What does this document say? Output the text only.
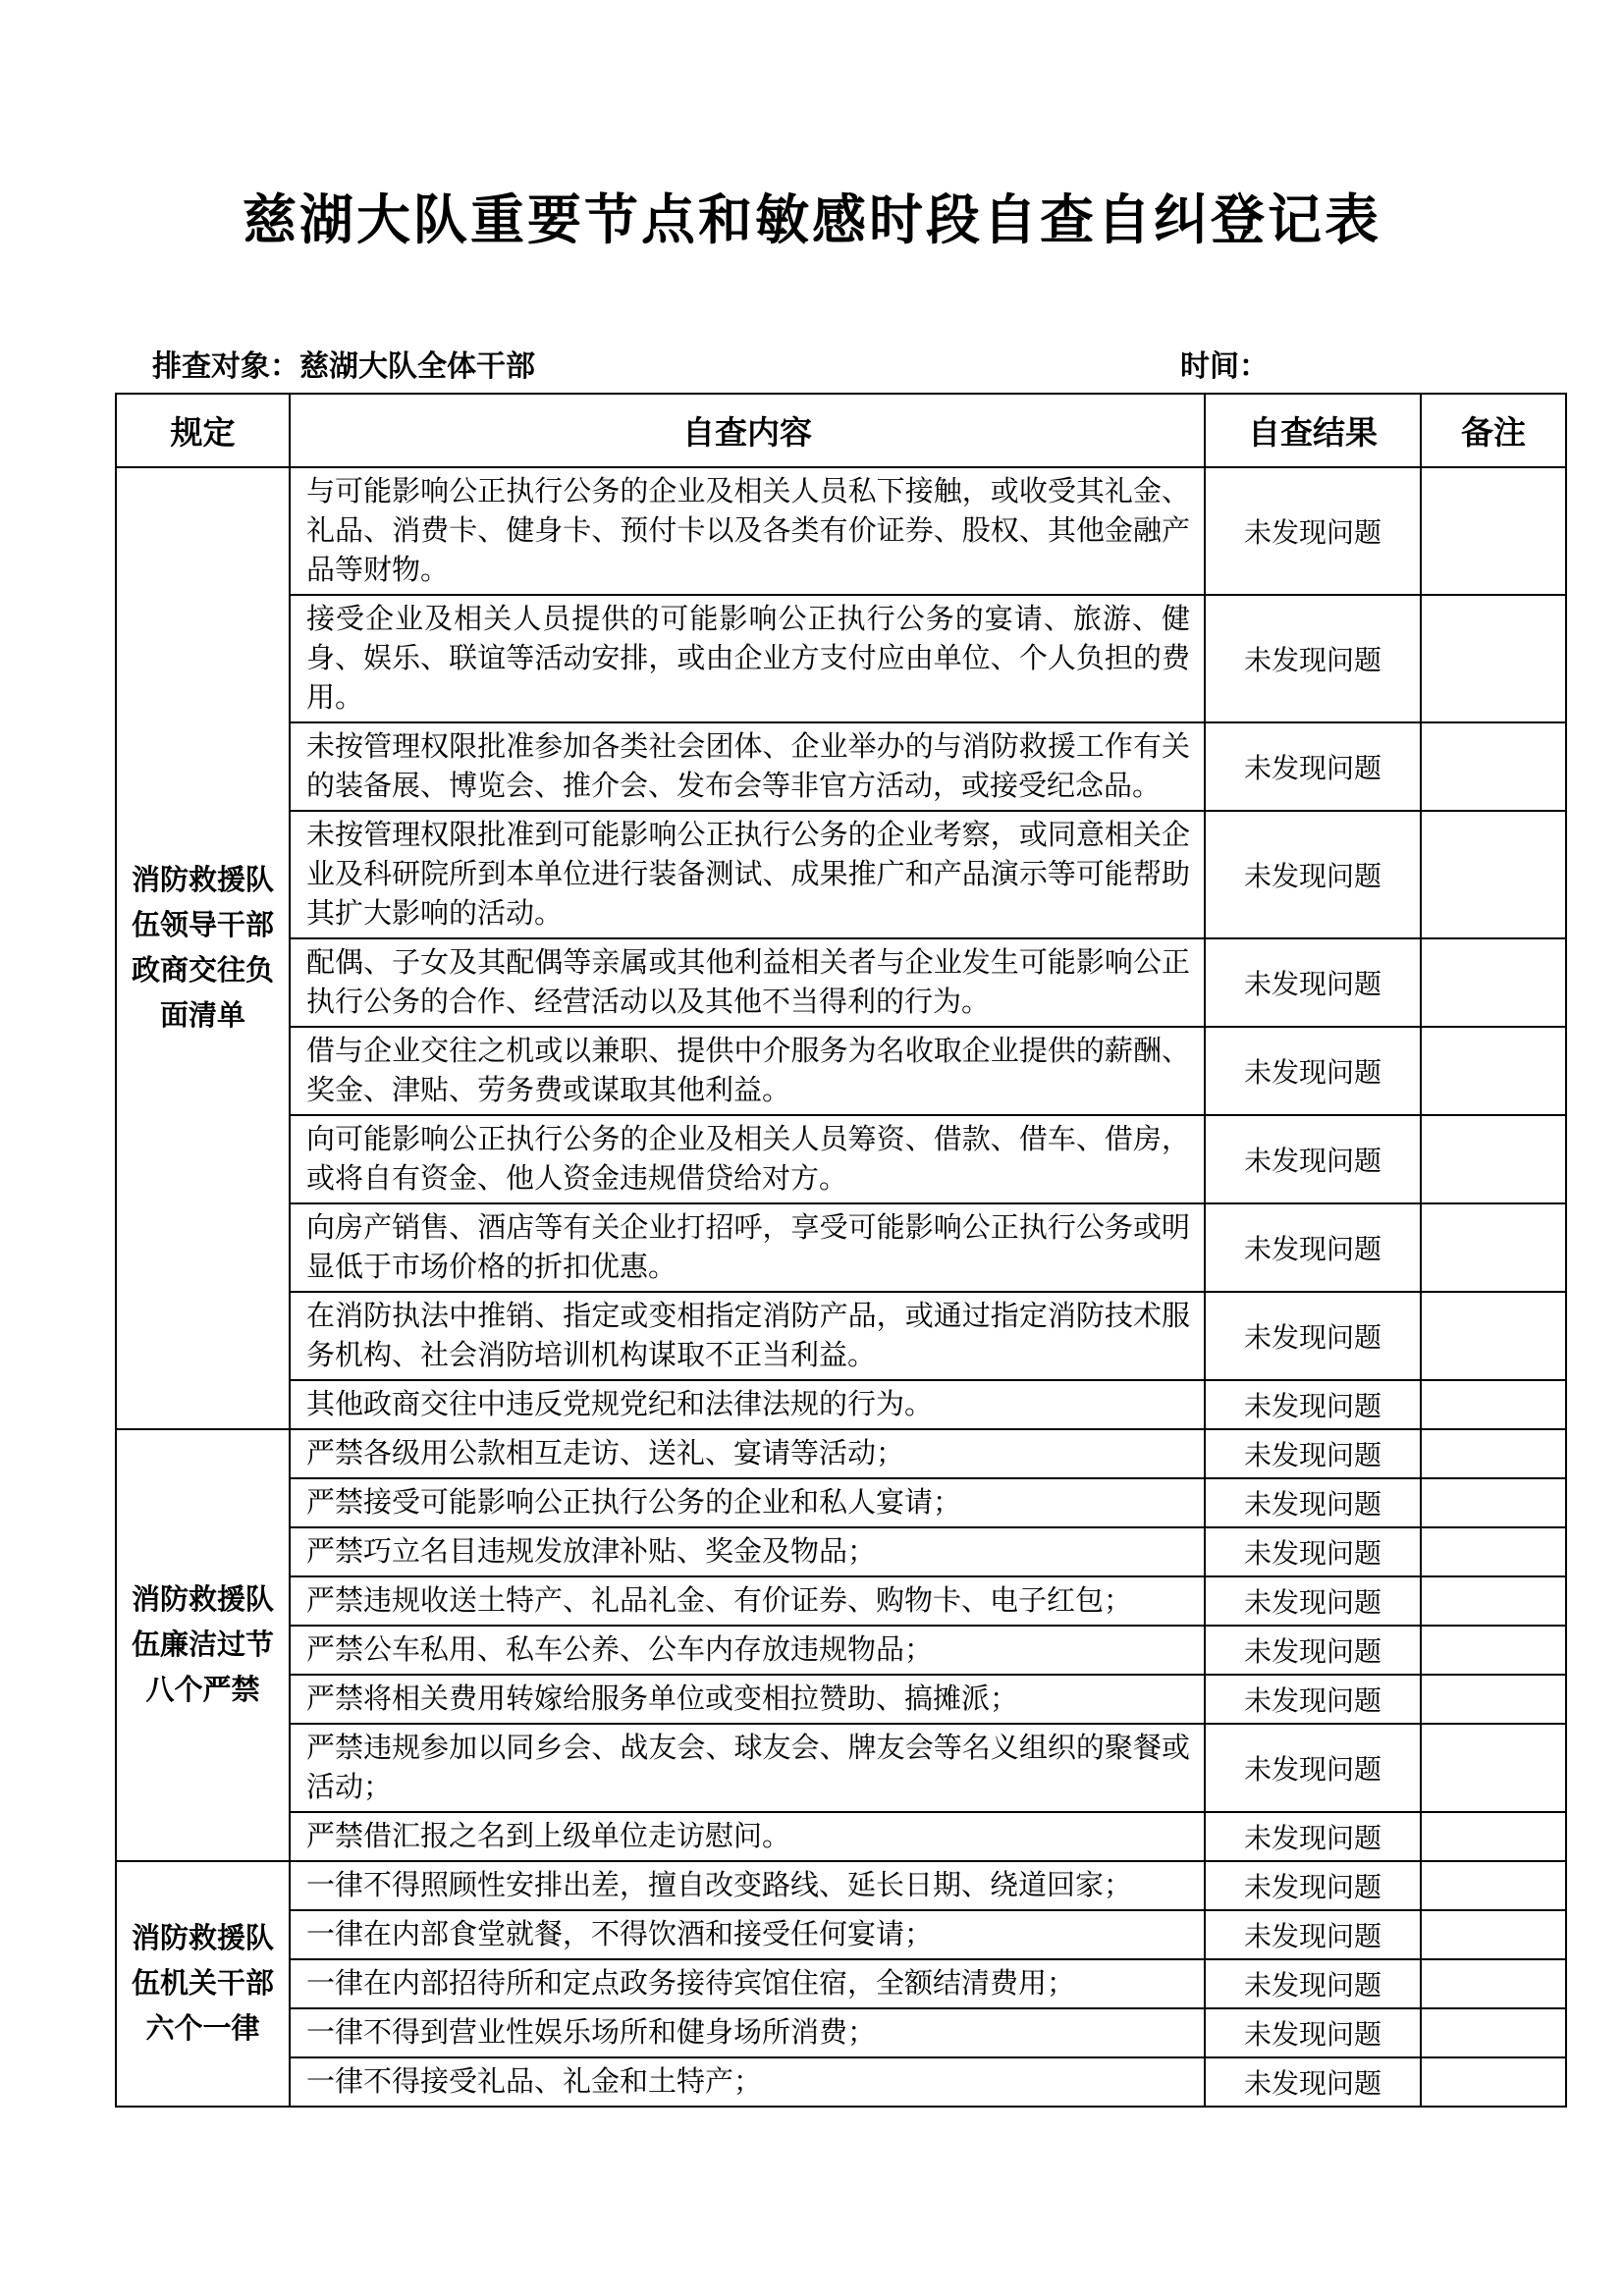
慈湖大队重要节点和敏感时段自查自纠登记表
排查对象：慈湖大队全体干部	时间：
规定	自查内容	自查结果	备注
消防救援队伍领导干部政商交往负面清单	与可能影响公正执行公务的企业及相关人员私下接触，或收受其礼金、礼品、消费卡、健身卡、预付卡以及各类有价证券、股权、其他金融产品等财物。	未发现问题	
	接受企业及相关人员提供的可能影响公正执行公务的宴请、旅游、健身、娱乐、联谊等活动安排，或由企业方支付应由单位、个人负担的费用。	未发现问题	
	未按管理权限批准参加各类社会团体、企业举办的与消防救援工作有关的装备展、博览会、推介会、发布会等非官方活动，或接受纪念品。	未发现问题	
	未按管理权限批准到可能影响公正执行公务的企业考察，或同意相关企业及科研院所到本单位进行装备测试、成果推广和产品演示等可能帮助其扩大影响的活动。	未发现问题	
	配偶、子女及其配偶等亲属或其他利益相关者与企业发生可能影响公正执行公务的合作、经营活动以及其他不当得利的行为。	未发现问题	
	借与企业交往之机或以兼职、提供中介服务为名收取企业提供的薪酬、奖金、津贴、劳务费或谋取其他利益。	未发现问题	
	向可能影响公正执行公务的企业及相关人员筹资、借款、借车、借房，或将自有资金、他人资金违规借贷给对方。	未发现问题	
	向房产销售、酒店等有关企业打招呼，享受可能影响公正执行公务或明显低于市场价格的折扣优惠。	未发现问题	
	在消防执法中推销、指定或变相指定消防产品，或通过指定消防技术服务机构、社会消防培训机构谋取不正当利益。	未发现问题	
	其他政商交往中违反党规党纪和法律法规的行为。	未发现问题	
消防救援队伍廉洁过节八个严禁	严禁各级用公款相互走访、送礼、宴请等活动；	未发现问题	
	严禁接受可能影响公正执行公务的企业和私人宴请；	未发现问题	
	严禁巧立名目违规发放津补贴、奖金及物品；	未发现问题	
	严禁违规收送土特产、礼品礼金、有价证券、购物卡、电子红包；	未发现问题	
	严禁公车私用、私车公养、公车内存放违规物品；	未发现问题	
	严禁将相关费用转嫁给服务单位或变相拉赞助、搞摊派；	未发现问题	
	严禁违规参加以同乡会、战友会、球友会、牌友会等名义组织的聚餐或活动；	未发现问题	
	严禁借汇报之名到上级单位走访慰问。	未发现问题	
消防救援队伍机关干部六个一律	一律不得照顾性安排出差，擅自改变路线、延长日期、绕道回家；	未发现问题	
	一律在内部食堂就餐，不得饮酒和接受任何宴请；	未发现问题	
	一律在内部招待所和定点政务接待宾馆住宿，全额结清费用；	未发现问题	
	一律不得到营业性娱乐场所和健身场所消费；	未发现问题	
	一律不得接受礼品、礼金和土特产；	未发现问题	
